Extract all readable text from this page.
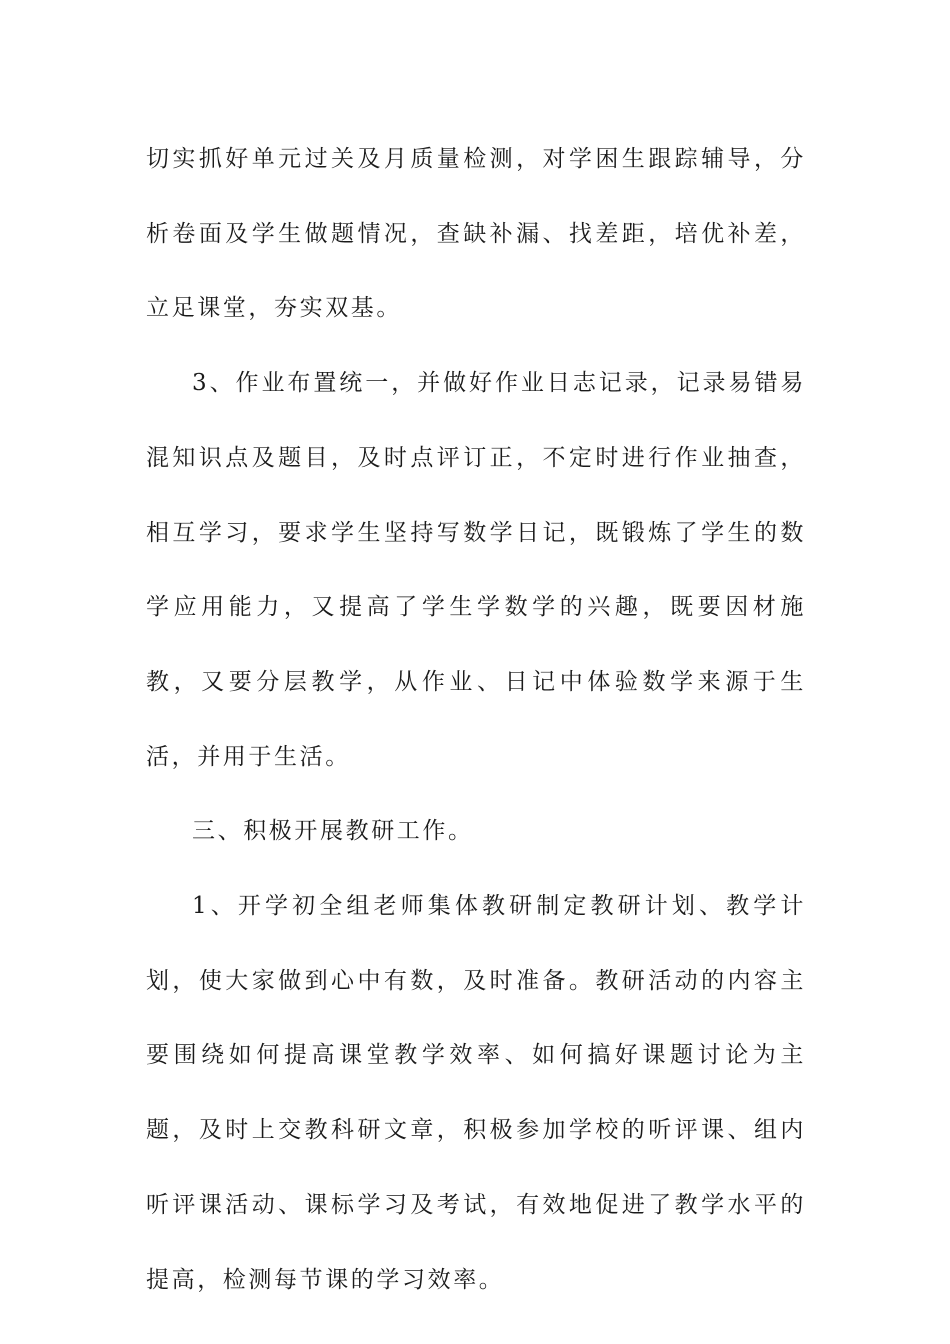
切实抓好单元过关及月质量检测，对学困生跟踪辅导，分析卷面及学生做题情况，查缺补漏、找差距，培优补差，立足课堂，夯实双基。

3、作业布置统一，并做好作业日志记录，记录易错易混知识点及题目，及时点评订正，不定时进行作业抽查，相互学习，要求学生坚持写数学日记，既锻炼了学生的数学应用能力，又提高了学生学数学的兴趣，既要因材施教，又要分层教学，从作业、日记中体验数学来源于生活，并用于生活。

三、积极开展教研工作。

1、开学初全组老师集体教研制定教研计划、教学计划，使大家做到心中有数，及时准备。教研活动的内容主要围绕如何提高课堂教学效率、如何搞好课题讨论为主题，及时上交教科研文章，积极参加学校的听评课、组内听评课活动、课标学习及考试，有效地促进了教学水平的提高，检测每节课的学习效率。
